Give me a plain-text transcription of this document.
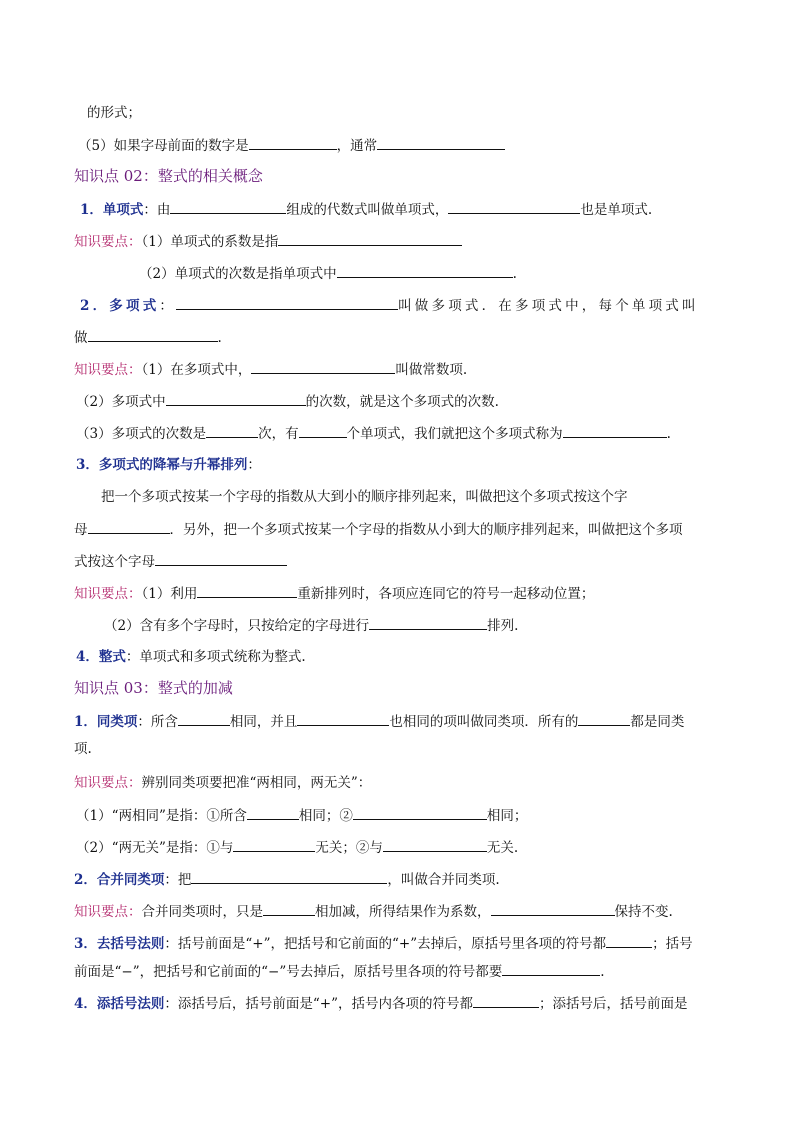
的形式；
（5）如果字母前面的数字是	，通常
知识点 02：整式的相关概念
1．单项式：由	组成的代数式叫做单项式，	也是单项式.
知识要点：（1）单项式的系数是指
（2）单项式的次数是指单项式中	.
2．多项式：	叫做多项式．在多项式中，每个单项式叫
做	.
知识要点：（1）在多项式中，	叫做常数项.
（2）多项式中	的次数，就是这个多项式的次数.
（3）多项式的次数是	次，有	个单项式，我们就把这个多项式称为	.
3．多项式的降幂与升幂排列：
把一个多项式按某一个字母的指数从大到小的顺序排列起来，叫做把这个多项式按这个字
母	．另外，把一个多项式按某一个字母的指数从小到大的顺序排列起来，叫做把这个多项
式按这个字母
知识要点：（1）利用	重新排列时，各项应连同它的符号一起移动位置；
（2）含有多个字母时，只按给定的字母进行	排列.
4．整式：单项式和多项式统称为整式.
知识点 03：整式的加减
1．同类项：所含	相同，并且	也相同的项叫做同类项．所有的	都是同类
项.
知识要点：辨别同类项要把准“两相同，两无关”：
（1）“两相同”是指：①所含	相同；②	相同；
（2）“两无关”是指：①与	无关；②与	无关.
2．合并同类项：把	，叫做合并同类项.
知识要点：合并同类项时，只是	相加减，所得结果作为系数，	保持不变.
3．去括号法则：括号前面是“+”，把括号和它前面的“+”去掉后，原括号里各项的符号都	；括号
前面是“−”，把括号和它前面的“−”号去掉后，原括号里各项的符号都要	.
4．添括号法则：添括号后，括号前面是“+”，括号内各项的符号都	；添括号后，括号前面是
